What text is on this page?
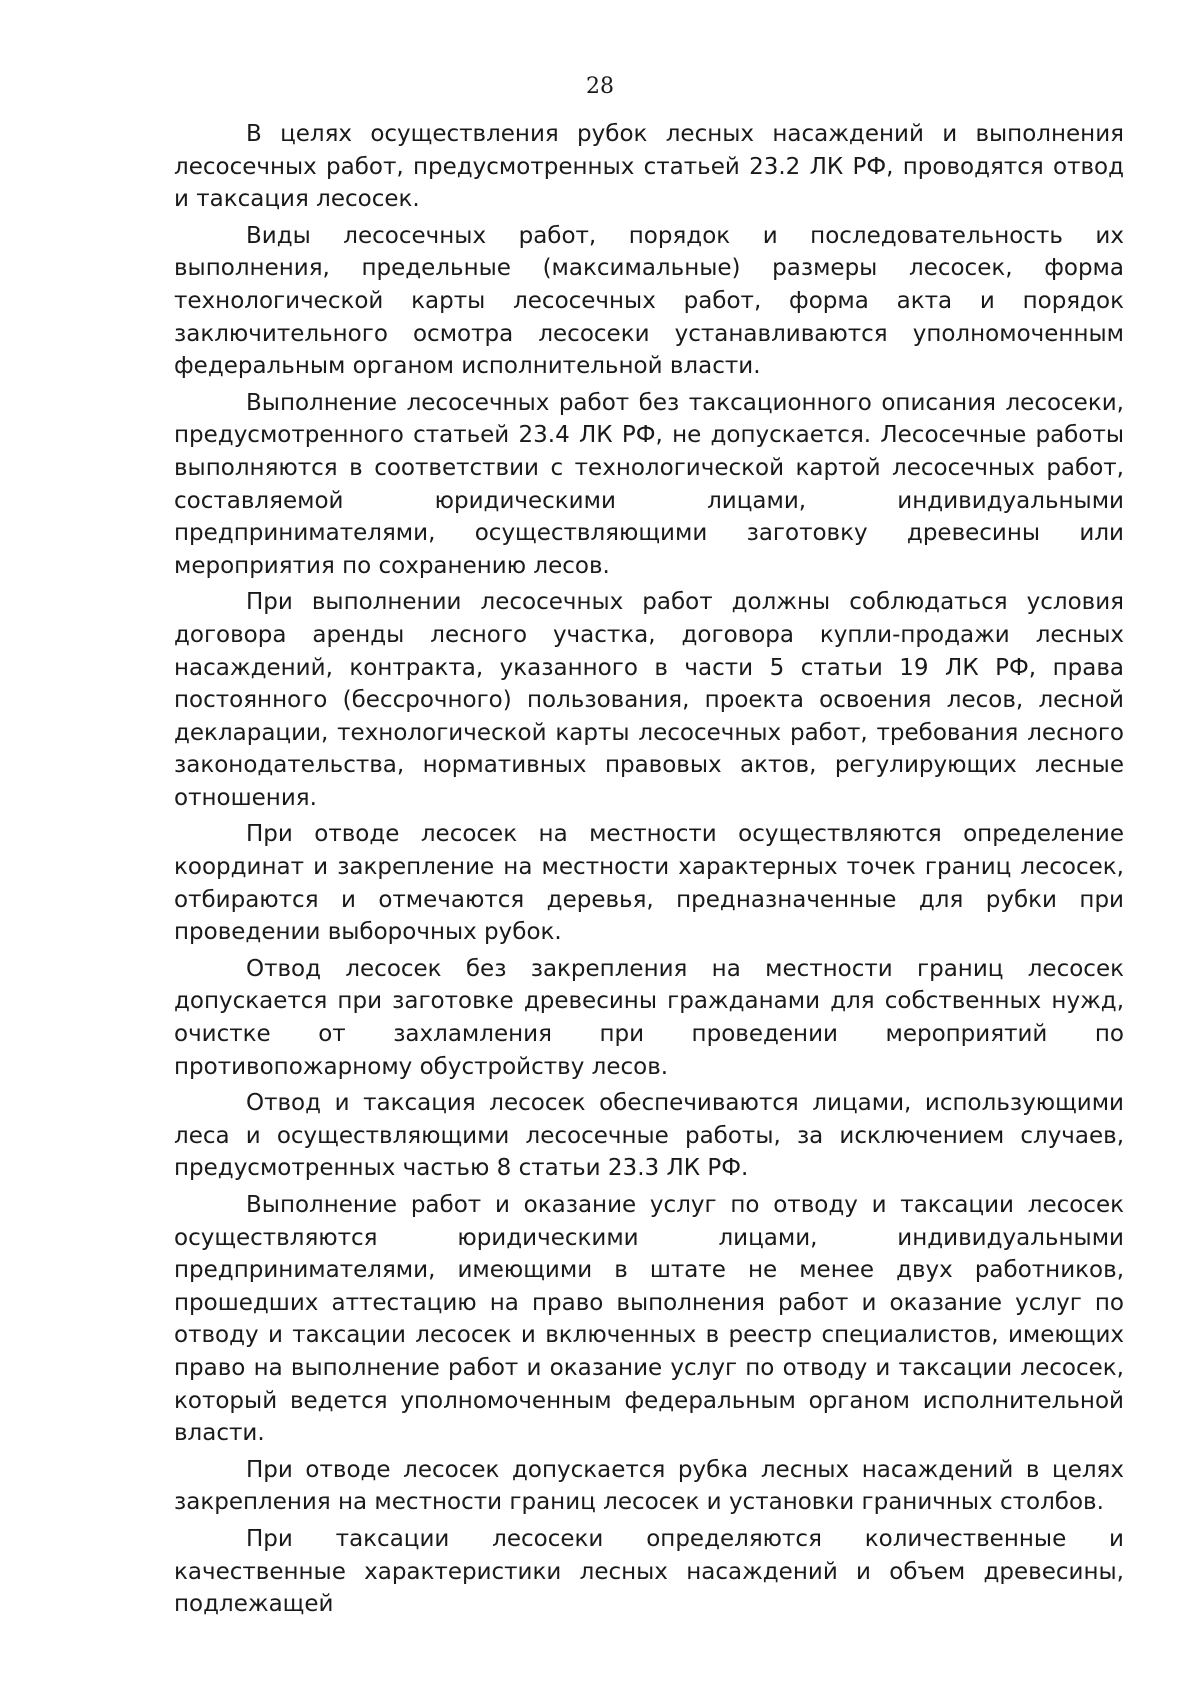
28

В целях осуществления рубок лесных насаждений и выполнения лесосечных работ, предусмотренных статьей 23.2 ЛК РФ, проводятся отвод и таксация лесосек.

Виды лесосечных работ, порядок и последовательность их выполнения, предельные (максимальные) размеры лесосек, форма технологической карты лесосечных работ, форма акта и порядок заключительного осмотра лесосеки устанавливаются уполномоченным федеральным органом исполнительной власти.

Выполнение лесосечных работ без таксационного описания лесосеки, предусмотренного статьей 23.4 ЛК РФ, не допускается. Лесосечные работы выполняются в соответствии с технологической картой лесосечных работ, составляемой юридическими лицами, индивидуальными предпринимателями, осуществляющими заготовку древесины или мероприятия по сохранению лесов.

При выполнении лесосечных работ должны соблюдаться условия договора аренды лесного участка, договора купли-продажи лесных насаждений, контракта, указанного в части 5 статьи 19 ЛК РФ, права постоянного (бессрочного) пользования, проекта освоения лесов, лесной декларации, технологической карты лесосечных работ, требования лесного законодательства, нормативных правовых актов, регулирующих лесные отношения.

При отводе лесосек на местности осуществляются определение координат и закрепление на местности характерных точек границ лесосек, отбираются и отмечаются деревья, предназначенные для рубки при проведении выборочных рубок.

Отвод лесосек без закрепления на местности границ лесосек допускается при заготовке древесины гражданами для собственных нужд, очистке от захламления при проведении мероприятий по противопожарному обустройству лесов.

Отвод и таксация лесосек обеспечиваются лицами, использующими леса и осуществляющими лесосечные работы, за исключением случаев, предусмотренных частью 8 статьи 23.3 ЛК РФ.

Выполнение работ и оказание услуг по отводу и таксации лесосек осуществляются юридическими лицами, индивидуальными предпринимателями, имеющими в штате не менее двух работников, прошедших аттестацию на право выполнения работ и оказание услуг по отводу и таксации лесосек и включенных в реестр специалистов, имеющих право на выполнение работ и оказание услуг по отводу и таксации лесосек, который ведется уполномоченным федеральным органом исполнительной власти.

При отводе лесосек допускается рубка лесных насаждений в целях закрепления на местности границ лесосек и установки граничных столбов.

При таксации лесосеки определяются количественные и качественные характеристики лесных насаждений и объем древесины, подлежащей
